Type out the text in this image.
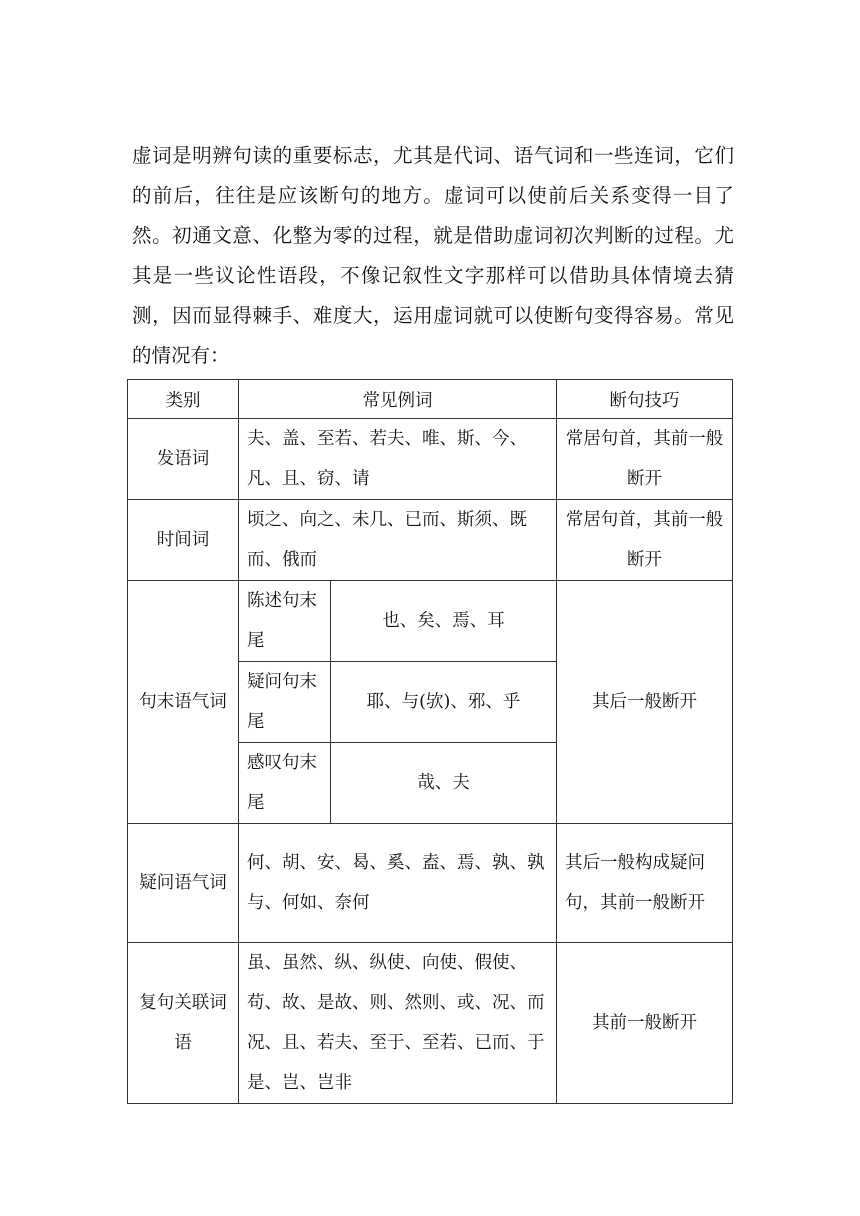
虚词是明辨句读的重要标志，尤其是代词、语气词和一些连词，它们的前后，往往是应该断句的地方。虚词可以使前后关系变得一目了然。初通文意、化整为零的过程，就是借助虚词初次判断的过程。尤其是一些议论性语段，不像记叙性文字那样可以借助具体情境去猜测，因而显得棘手、难度大，运用虚词就可以使断句变得容易。常见的情况有：

类别	常见例词		断句技巧
发语词	夫、盖、至若、若夫、唯、斯、今、凡、且、窃、请		常居句首，其前一般断开
时间词	顷之、向之、未几、已而、斯须、既而、俄而		常居句首，其前一般断开
句末语气词	陈述句末尾	也、矣、焉、耳	其后一般断开
	疑问句末尾	耶、与(欤)、邪、乎	
	感叹句末尾	哉、夫	
疑问语气词	何、胡、安、曷、奚、盍、焉、孰、孰与、何如、奈何		其后一般构成疑问句，其前一般断开
复句关联词语	虽、虽然、纵、纵使、向使、假使、苟、故、是故、则、然则、或、况、而况、且、若夫、至于、至若、已而、于是、岂、岂非		其前一般断开
